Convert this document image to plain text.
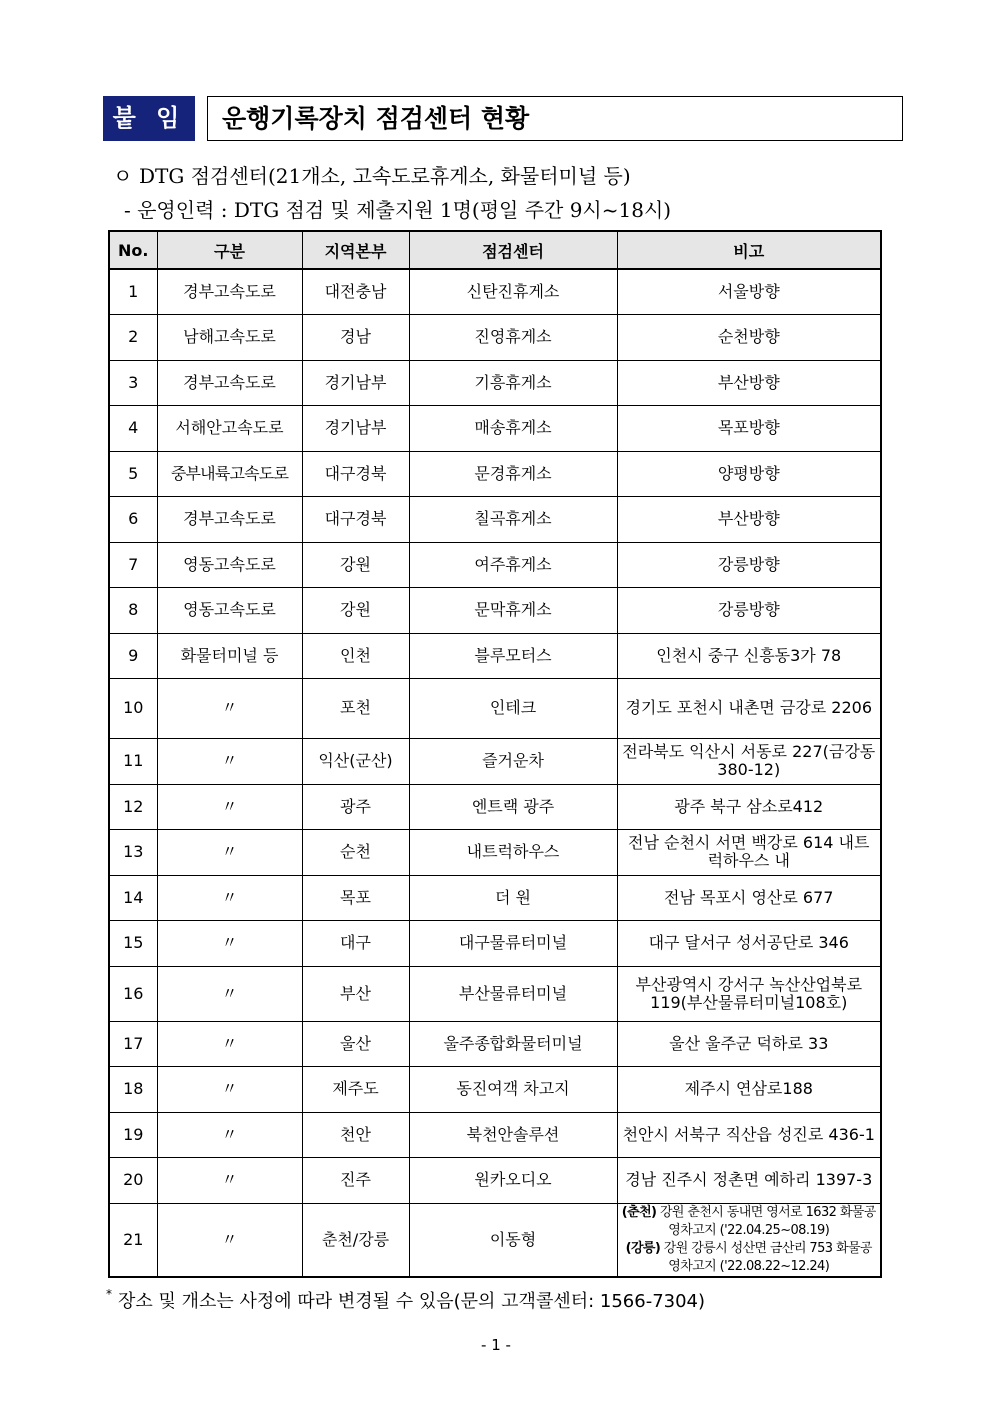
붙 임	운행기록장치 점검센터 현황
ㅇ DTG 점검센터(21개소, 고속도로휴게소, 화물터미널 등)
- 운영인력 : DTG 점검 및 제출지원 1명(평일 주간 9시~18시)
No.	구분	지역본부	점검센터	비고
1	경부고속도로	대전충남	신탄진휴게소	서울방향
2	남해고속도로	경남	진영휴게소	순천방향
3	경부고속도로	경기남부	기흥휴게소	부산방향
4	서해안고속도로	경기남부	매송휴게소	목포방향
5	중부내륙고속도로	대구경북	문경휴게소	양평방향
6	경부고속도로	대구경북	칠곡휴게소	부산방향
7	영동고속도로	강원	여주휴게소	강릉방향
8	영동고속도로	강원	문막휴게소	강릉방향
9	화물터미널 등	인천	블루모터스	인천시 중구 신흥동3가 78
10	〃	포천	인테크	경기도 포천시 내촌면 금강로 2206
11	〃	익산(군산)	즐거운차	전라북도 익산시 서동로 227(금강동380-12)
12	〃	광주	엔트랙 광주	광주 북구 삼소로412
13	〃	순천	내트럭하우스	전남 순천시 서면 백강로 614 내트럭하우스 내
14	〃	목포	더 원	전남 목포시 영산로 677
15	〃	대구	대구물류터미널	대구 달서구 성서공단로 346
16	〃	부산	부산물류터미널	부산광역시 강서구 녹산산업북로119(부산물류터미널108호)
17	〃	울산	울주종합화물터미널	울산 울주군 덕하로 33
18	〃	제주도	동진여객 차고지	제주시 연삼로188
19	〃	천안	북천안솔루션	천안시 서북구 직산읍 성진로 436-1
20	〃	진주	원카오디오	경남 진주시 정촌면 예하리 1397-3
21	〃	춘천/강릉	이동형	(춘천) 강원 춘천시 동내면 영서로 1632 화물공영차고지 ('22.04.25~08.19)
(강릉) 강원 강릉시 성산면 금산리 753 화물공영차고지 ('22.08.22~12.24)
* 장소 및 개소는 사정에 따라 변경될 수 있음(문의 고객콜센터: 1566-7304)
- 1 -
